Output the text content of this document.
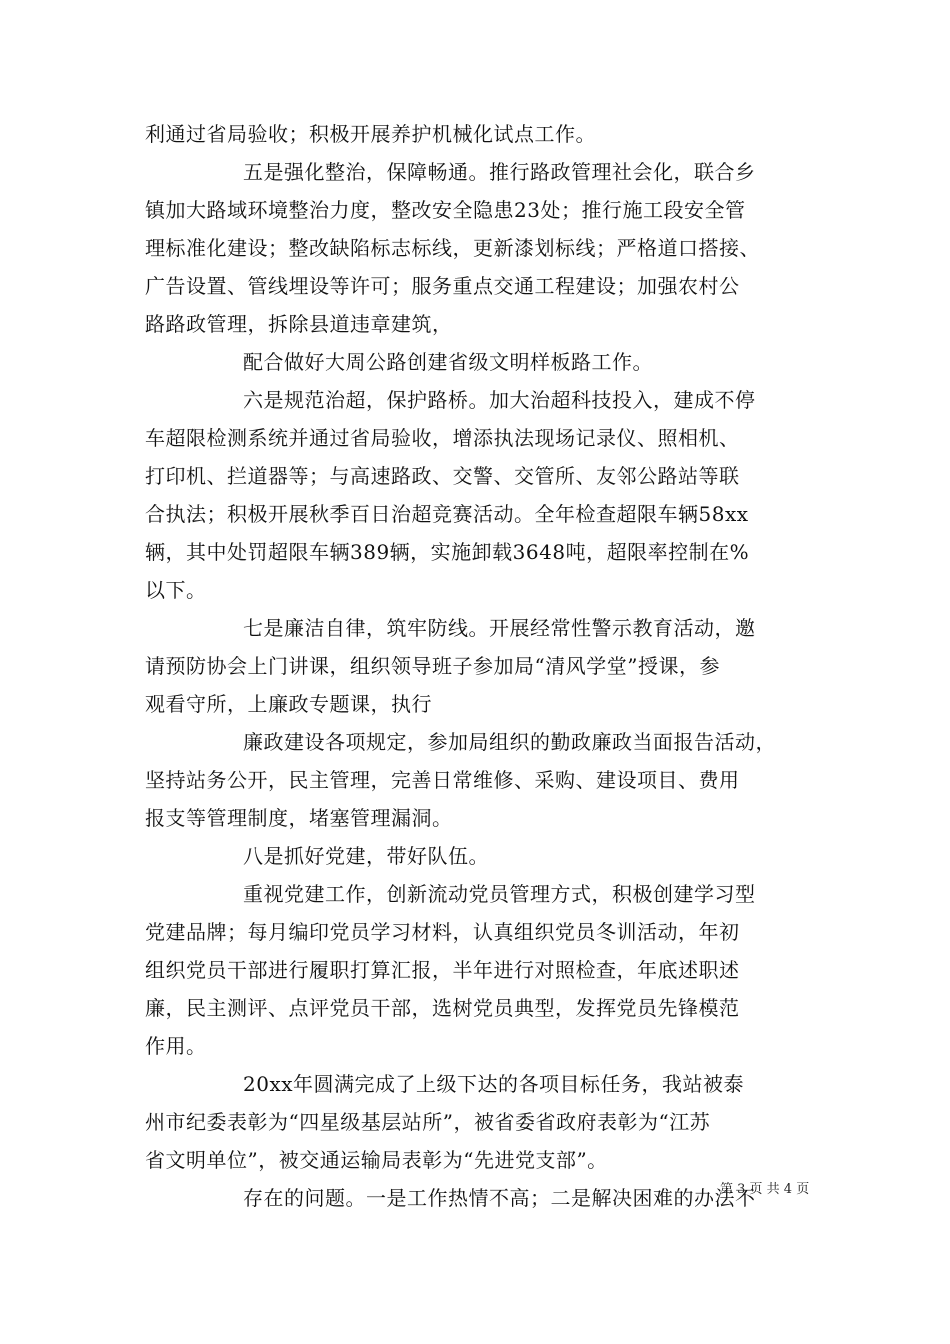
利通过省局验收；积极开展养护机械化试点工作。
五是强化整治，保障畅通。推行路政管理社会化，联合乡
镇加大路域环境整治力度，整改安全隐患23处；推行施工段安全管
理标准化建设；整改缺陷标志标线，更新漆划标线；严格道口搭接、
广告设置、管线埋设等许可；服务重点交通工程建设；加强农村公
路路政管理，拆除县道违章建筑，
配合做好大周公路创建省级文明样板路工作。
六是规范治超，保护路桥。加大治超科技投入，建成不停
车超限检测系统并通过省局验收，增添执法现场记录仪、照相机、
打印机、拦道器等；与高速路政、交警、交管所、友邻公路站等联
合执法；积极开展秋季百日治超竞赛活动。全年检查超限车辆58xx
辆，其中处罚超限车辆389辆，实施卸载3648吨，超限率控制在%
以下。
七是廉洁自律，筑牢防线。开展经常性警示教育活动，邀
请预防协会上门讲课，组织领导班子参加局“清风学堂”授课，参
观看守所，上廉政专题课，执行
廉政建设各项规定，参加局组织的勤政廉政当面报告活动，
坚持站务公开，民主管理，完善日常维修、采购、建设项目、费用
报支等管理制度，堵塞管理漏洞。
八是抓好党建，带好队伍。
重视党建工作，创新流动党员管理方式，积极创建学习型
党建品牌；每月编印党员学习材料，认真组织党员冬训活动，年初
组织党员干部进行履职打算汇报，半年进行对照检查，年底述职述
廉，民主测评、点评党员干部，选树党员典型，发挥党员先锋模范
作用。
20xx年圆满完成了上级下达的各项目标任务，我站被泰
州市纪委表彰为“四星级基层站所”，被省委省政府表彰为“江苏
省文明单位”，被交通运输局表彰为“先进党支部”。
存在的问题。一是工作热情不高；二是解决困难的办法不
第 3 页 共 4 页
